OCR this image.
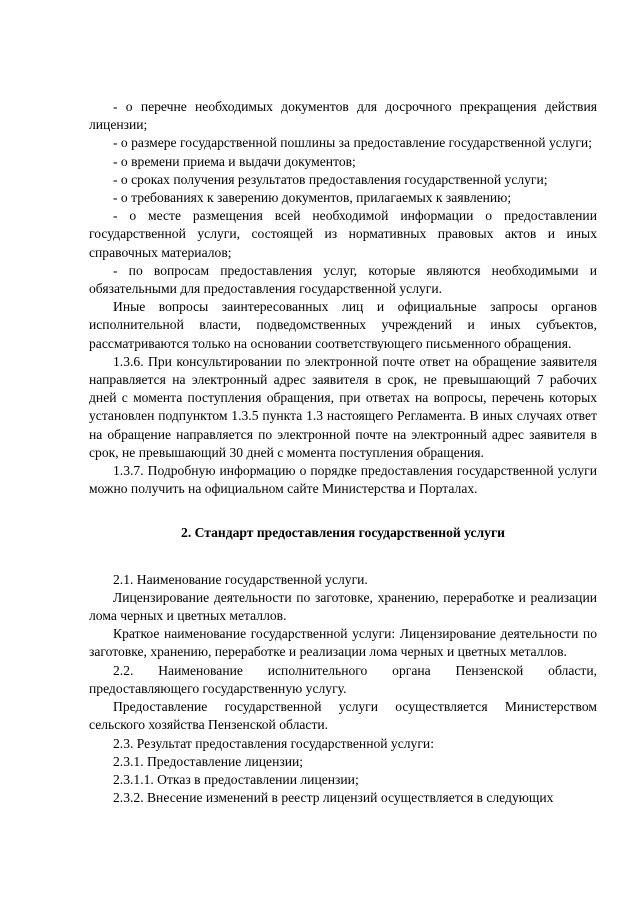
- о перечне необходимых документов для досрочного прекращения действия лицензии;

- о размере государственной пошлины за предоставление государственной услуги;

- о времени приема и выдачи документов;

- о сроках получения результатов предоставления государственной услуги;

- о требованиях к заверению документов, прилагаемых к заявлению;

- о месте размещения всей необходимой информации о предоставлении государственной услуги, состоящей из нормативных правовых актов и иных справочных материалов;

- по вопросам предоставления услуг, которые являются необходимыми и обязательными для предоставления государственной услуги.

Иные вопросы заинтересованных лиц и официальные запросы органов исполнительной власти, подведомственных учреждений и иных субъектов, рассматриваются только на основании соответствующего письменного обращения.

1.3.6. При консультировании по электронной почте ответ на обращение заявителя направляется на электронный адрес заявителя в срок, не превышающий 7 рабочих дней с момента поступления обращения, при ответах на вопросы, перечень которых установлен подпунктом 1.3.5 пункта 1.3 настоящего Регламента. В иных случаях ответ на обращение направляется по электронной почте на электронный адрес заявителя в срок, не превышающий 30 дней с момента поступления обращения.

1.3.7. Подробную информацию о порядке предоставления государственной услуги можно получить на официальном сайте Министерства и Порталах.

2. Стандарт предоставления государственной услуги

2.1. Наименование государственной услуги.

Лицензирование деятельности по заготовке, хранению, переработке и реализации лома черных и цветных металлов.

Краткое наименование государственной услуги: Лицензирование деятельности по заготовке, хранению, переработке и реализации лома черных и цветных металлов.

2.2. Наименование исполнительного органа Пензенской области, предоставляющего государственную услугу.

Предоставление государственной услуги осуществляется Министерством сельского хозяйства Пензенской области.

2.3. Результат предоставления государственной услуги:

2.3.1. Предоставление лицензии;

2.3.1.1. Отказ в предоставлении лицензии;

2.3.2. Внесение изменений в реестр лицензий осуществляется в следующих
